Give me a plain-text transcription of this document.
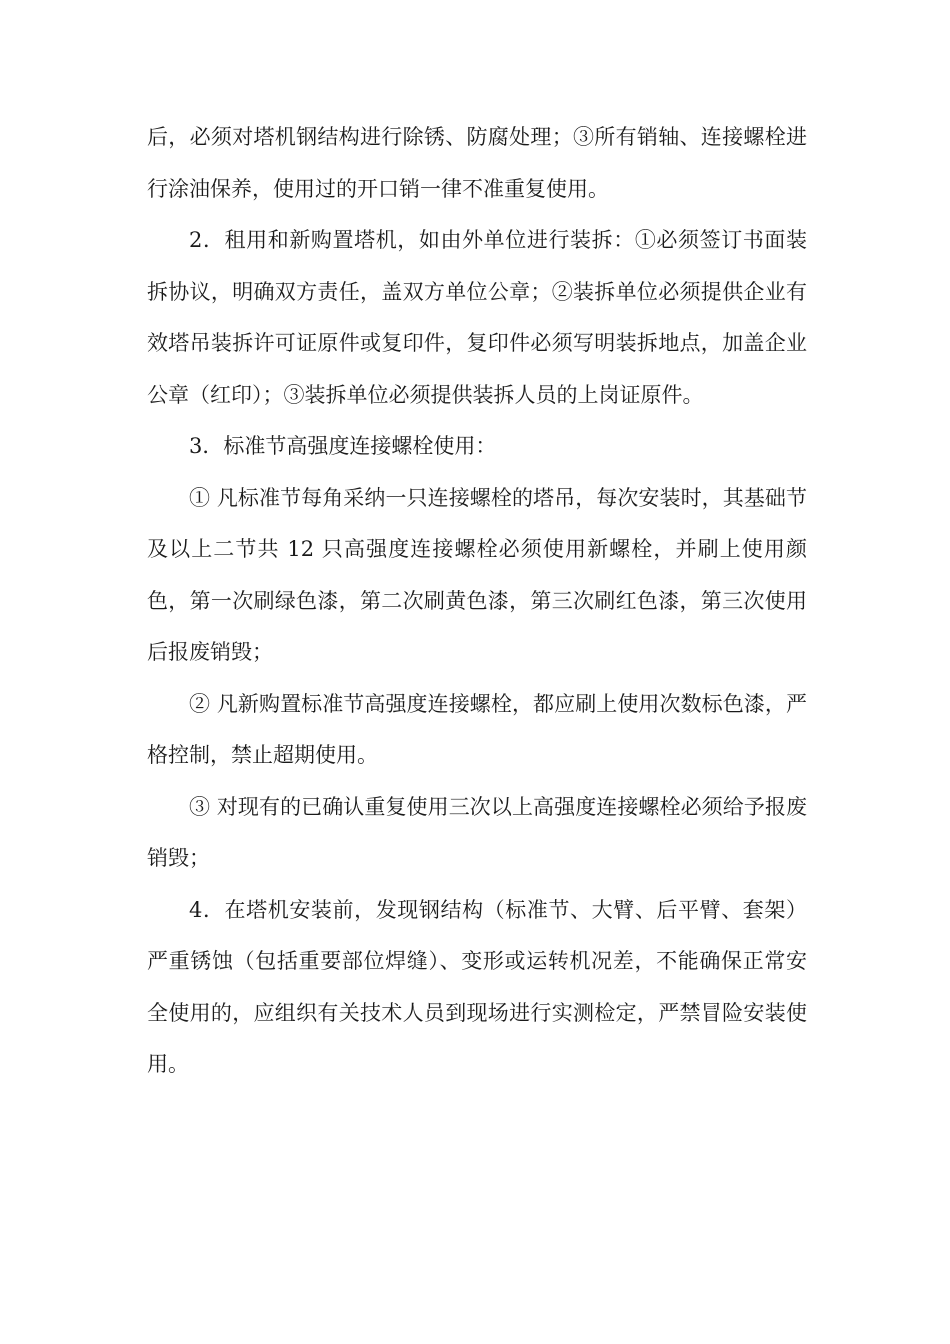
后，必须对塔机钢结构进行除锈、防腐处理；③所有销轴、连接螺栓进行涂油保养，使用过的开口销一律不准重复使用。

2．租用和新购置塔机，如由外单位进行装拆：①必须签订书面装拆协议，明确双方责任，盖双方单位公章；②装拆单位必须提供企业有效塔吊装拆许可证原件或复印件，复印件必须写明装拆地点，加盖企业公章（红印）；③装拆单位必须提供装拆人员的上岗证原件。

3．标准节高强度连接螺栓使用：

① 凡标准节每角采纳一只连接螺栓的塔吊，每次安装时，其基础节及以上二节共 12 只高强度连接螺栓必须使用新螺栓，并刷上使用颜色，第一次刷绿色漆，第二次刷黄色漆，第三次刷红色漆，第三次使用后报废销毁；

② 凡新购置标准节高强度连接螺栓，都应刷上使用次数标色漆，严格控制，禁止超期使用。

③ 对现有的已确认重复使用三次以上高强度连接螺栓必须给予报废销毁；

4．在塔机安装前，发现钢结构（标准节、大臂、后平臂、套架）严重锈蚀（包括重要部位焊缝）、变形或运转机况差，不能确保正常安全使用的，应组织有关技术人员到现场进行实测检定，严禁冒险安装使用。
